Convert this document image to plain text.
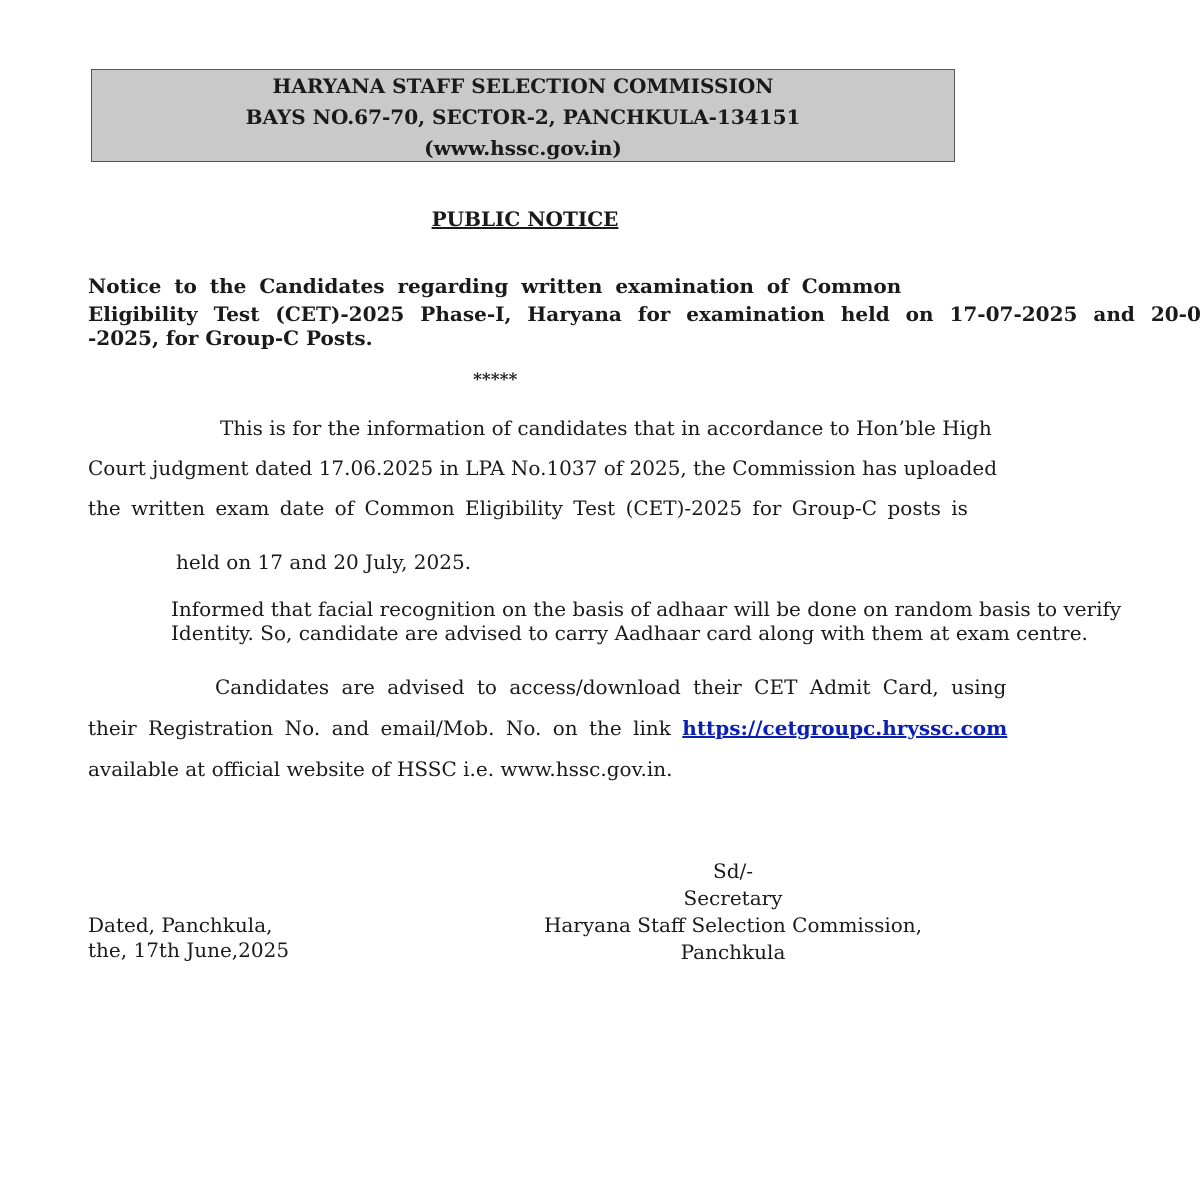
HARYANA STAFF SELECTION COMMISSION
BAYS NO.67-70, SECTOR-2, PANCHKULA-134151
(www.hssc.gov.in)
PUBLIC NOTICE
Notice to the Candidates regarding written examination of Common
Eligibility Test (CET)-2025 Phase-I, Haryana for examination held on 17-07-2025 and 20-0
-2025, for Group-C Posts.
*****
This is for the information of candidates that in accordance to Hon’ble High
Court judgment dated 17.06.2025 in LPA No.1037 of 2025, the Commission has uploaded
the written exam date of Common Eligibility Test (CET)-2025 for Group-C posts is
held on 17 and 20 July, 2025.
Informed that facial recognition on the basis of adhaar will be done on random basis to verify
Identity. So, candidate are advised to carry Aadhaar card along with them at exam centre.
Candidates are advised to access/download their CET Admit Card, using
their Registration No. and email/Mob. No. on the link https://cetgroupc.hryssc.com
available at official website of HSSC i.e. www.hssc.gov.in.
Sd/-
Secretary
Haryana Staff Selection Commission,
Panchkula
Dated, Panchkula,
the, 17th June,2025
